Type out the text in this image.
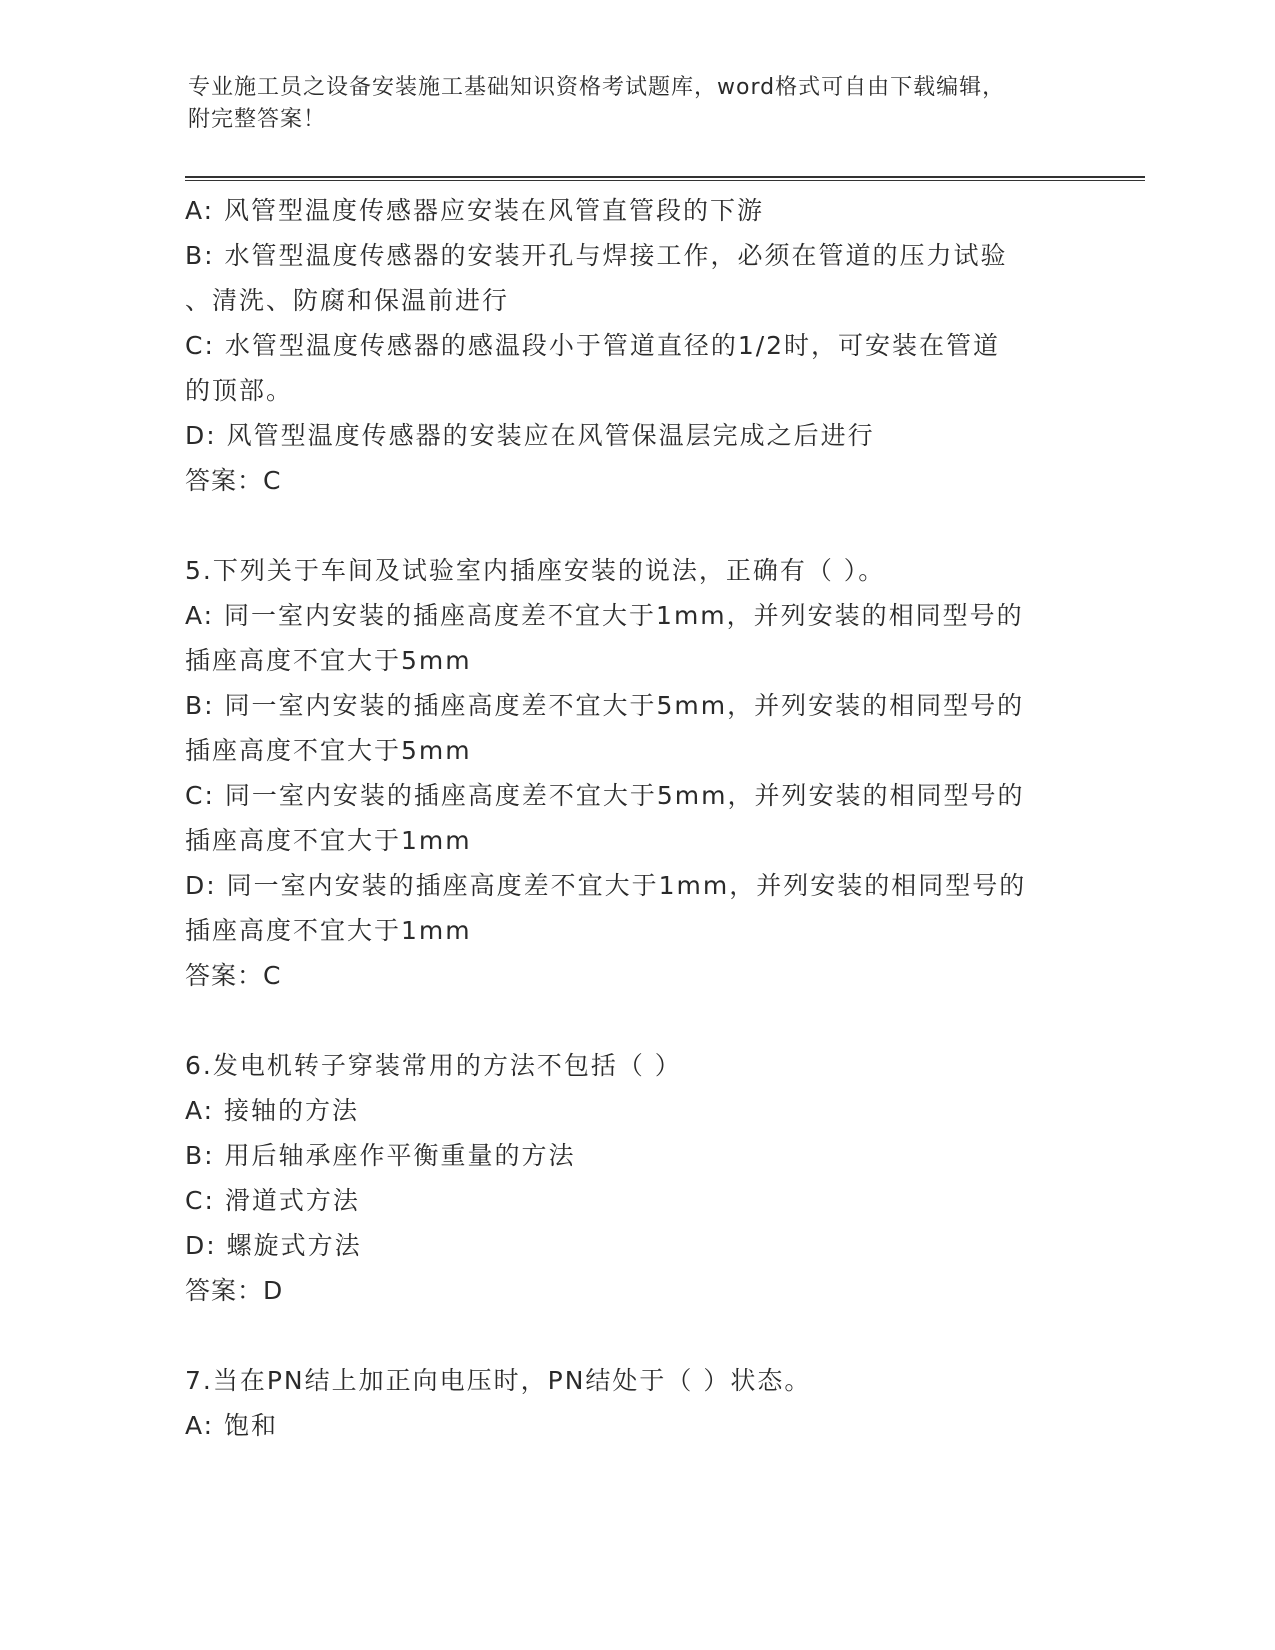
专业施工员之设备安装施工基础知识资格考试题库，word格式可自由下载编辑，

附完整答案！

A: 风管型温度传感器应安装在风管直管段的下游

B: 水管型温度传感器的安装开孔与焊接工作，必须在管道的压力试验

、清洗、防腐和保温前进行

C: 水管型温度传感器的感温段小于管道直径的1/2时，可安装在管道

的顶部。

D: 风管型温度传感器的安装应在风管保温层完成之后进行

答案：C

5.下列关于车间及试验室内插座安装的说法，正确有（ ）。

A: 同一室内安装的插座高度差不宜大于1mm，并列安装的相同型号的

插座高度不宜大于5mm

B: 同一室内安装的插座高度差不宜大于5mm，并列安装的相同型号的

插座高度不宜大于5mm

C: 同一室内安装的插座高度差不宜大于5mm，并列安装的相同型号的

插座高度不宜大于1mm

D: 同一室内安装的插座高度差不宜大于1mm，并列安装的相同型号的

插座高度不宜大于1mm

答案：C

6.发电机转子穿装常用的方法不包括（ ）

A: 接轴的方法

B: 用后轴承座作平衡重量的方法

C: 滑道式方法

D: 螺旋式方法

答案：D

7.当在PN结上加正向电压时，PN结处于（ ）状态。

A: 饱和
